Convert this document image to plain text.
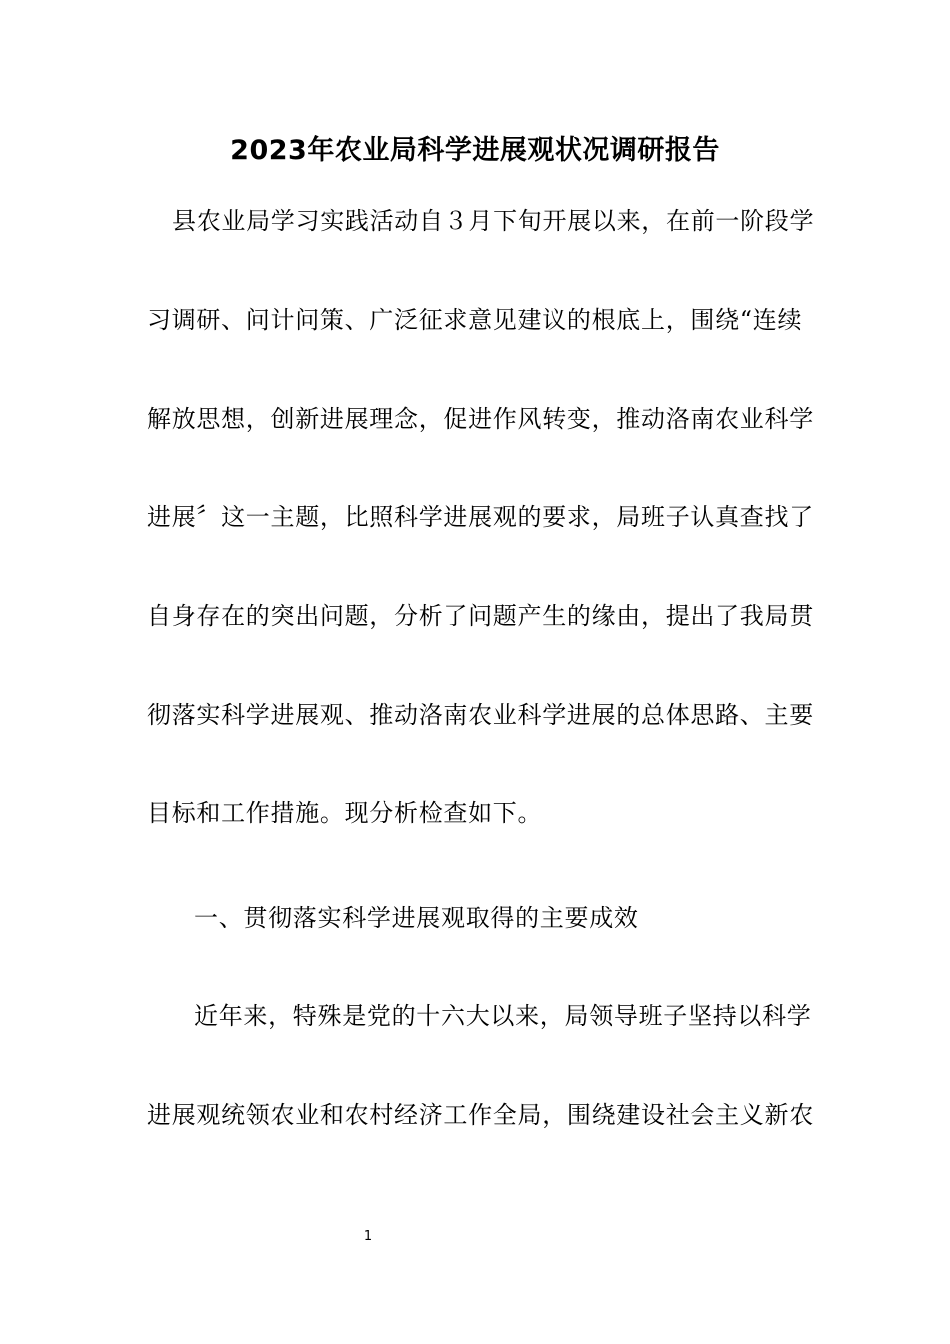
2023年农业局科学进展观状况调研报告
县农业局学习实践活动自３月下旬开展以来，在前一阶段学
习调研、问计问策、广泛征求意见建议的根底上，围绕“连续
解放思想，创新进展理念，促进作风转变，推动洛南农业科学
进展〞这一主题，比照科学进展观的要求，局班子认真查找了
自身存在的突出问题，分析了问题产生的缘由，提出了我局贯
彻落实科学进展观、推动洛南农业科学进展的总体思路、主要
目标和工作措施。现分析检查如下。
一、贯彻落实科学进展观取得的主要成效
近年来，特殊是党的十六大以来，局领导班子坚持以科学
进展观统领农业和农村经济工作全局，围绕建设社会主义新农
1
